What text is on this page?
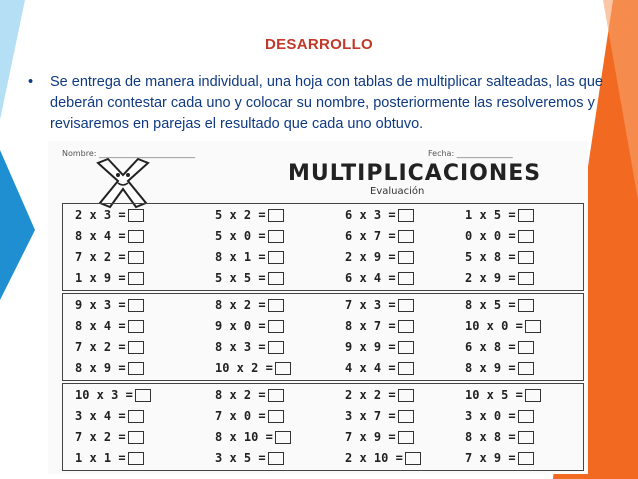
DESARROLLO
• Se entrega de manera individual, una hoja con tablas de multiplicar salteadas, las que deberán contestar cada uno y colocar su nombre, posteriormente las resolveremos y revisaremos en parejas el resultado que cada uno obtuvo.
Nombre: ________________________	Fecha: ______________
MULTIPLICACIONES
Evaluación
2 x 3 =	5 x 2 =	6 x 3 =	1 x 5 =
8 x 4 =	5 x 0 =	6 x 7 =	0 x 0 =
7 x 2 =	8 x 1 =	2 x 9 =	5 x 8 =
1 x 9 =	5 x 5 =	6 x 4 =	2 x 9 =
9 x 3 =	8 x 2 =	7 x 3 =	8 x 5 =
8 x 4 =	9 x 0 =	8 x 7 =	10 x 0 =
7 x 2 =	8 x 3 =	9 x 9 =	6 x 8 =
8 x 9 =	10 x 2 =	4 x 4 =	8 x 9 =
10 x 3 =	8 x 2 =	2 x 2 =	10 x 5 =
3 x 4 =	7 x 0 =	3 x 7 =	3 x 0 =
7 x 2 =	8 x 10 =	7 x 9 =	8 x 8 =
1 x 1 =	3 x 5 =	2 x 10 =	7 x 9 =
